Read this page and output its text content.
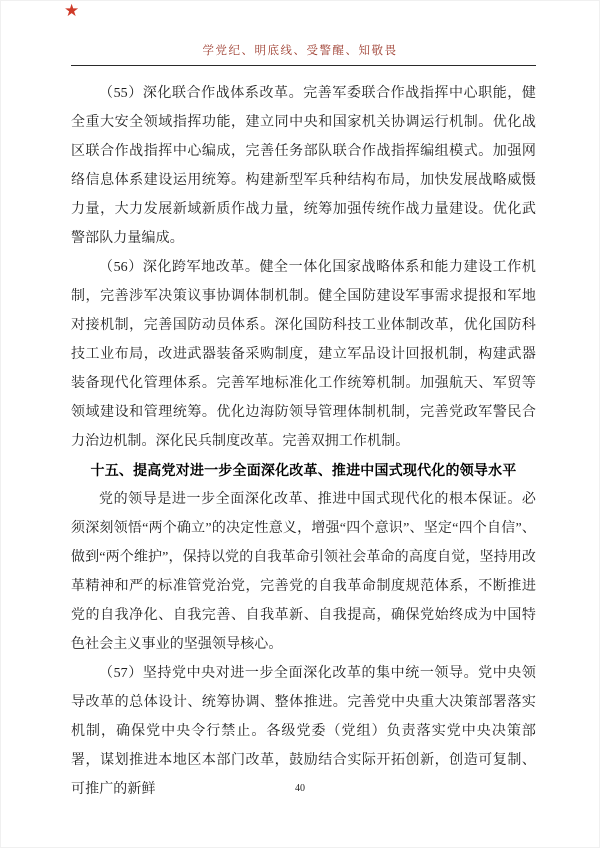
★
学党纪、明底线、受警醒、知敬畏

（55）深化联合作战体系改革。完善军委联合作战指挥中心职能，健全重大安全领域指挥功能，建立同中央和国家机关协调运行机制。优化战区联合作战指挥中心编成，完善任务部队联合作战指挥编组模式。加强网络信息体系建设运用统筹。构建新型军兵种结构布局，加快发展战略威慑力量，大力发展新域新质作战力量，统筹加强传统作战力量建设。优化武警部队力量编成。

（56）深化跨军地改革。健全一体化国家战略体系和能力建设工作机制，完善涉军决策议事协调体制机制。健全国防建设军事需求提报和军地对接机制，完善国防动员体系。深化国防科技工业体制改革，优化国防科技工业布局，改进武器装备采购制度，建立军品设计回报机制，构建武器装备现代化管理体系。完善军地标准化工作统筹机制。加强航天、军贸等领域建设和管理统筹。优化边海防领导管理体制机制，完善党政军警民合力治边机制。深化民兵制度改革。完善双拥工作机制。

十五、提高党对进一步全面深化改革、推进中国式现代化的领导水平

党的领导是进一步全面深化改革、推进中国式现代化的根本保证。必须深刻领悟“两个确立”的决定性意义，增强“四个意识”、坚定“四个自信”、做到“两个维护”，保持以党的自我革命引领社会革命的高度自觉，坚持用改革精神和严的标准管党治党，完善党的自我革命制度规范体系，不断推进党的自我净化、自我完善、自我革新、自我提高，确保党始终成为中国特色社会主义事业的坚强领导核心。

（57）坚持党中央对进一步全面深化改革的集中统一领导。党中央领导改革的总体设计、统筹协调、整体推进。完善党中央重大决策部署落实机制，确保党中央令行禁止。各级党委（党组）负责落实党中央决策部署，谋划推进本地区本部门改革，鼓励结合实际开拓创新，创造可复制、可推广的新鲜	40
